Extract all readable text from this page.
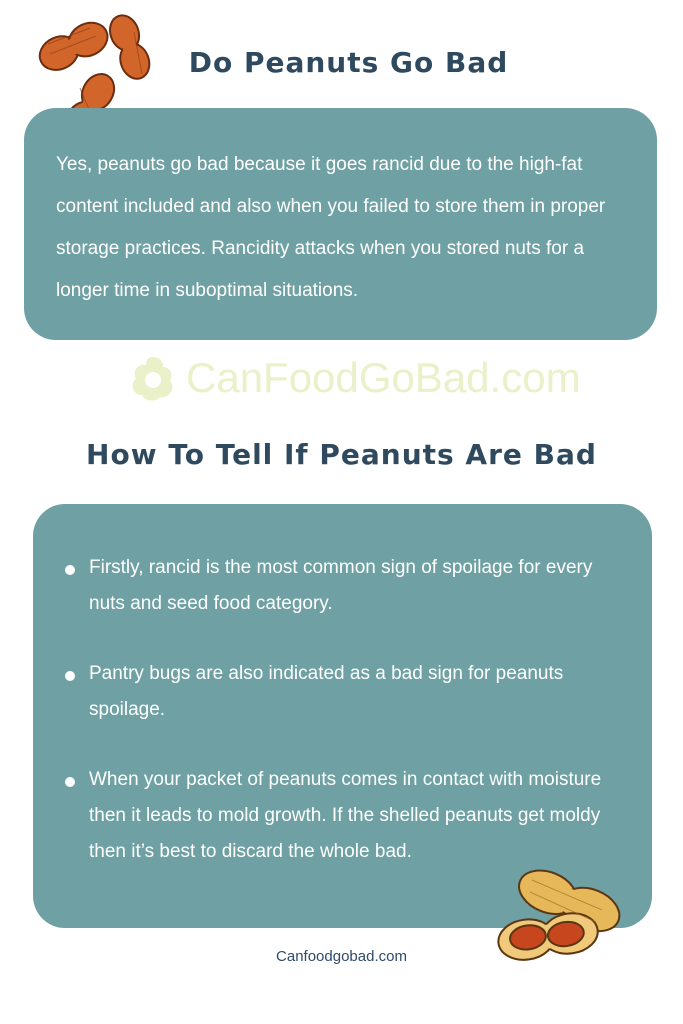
Do Peanuts Go Bad

Yes, peanuts go bad because it goes rancid due to the high-fat content included and also when you failed to store them in proper storage practices. Rancidity attacks when you stored nuts for a longer time in suboptimal situations.

CanFoodGoBad.com
How To Tell If Peanuts Are Bad
Firstly, rancid is the most common sign of spoilage for every nuts and seed food category.
Pantry bugs are also indicated as a bad sign for peanuts spoilage.
When your packet of peanuts comes in contact with moisture then it leads to mold growth. If the shelled peanuts get moldy then it’s best to discard the whole bad.
Canfoodgobad.com
